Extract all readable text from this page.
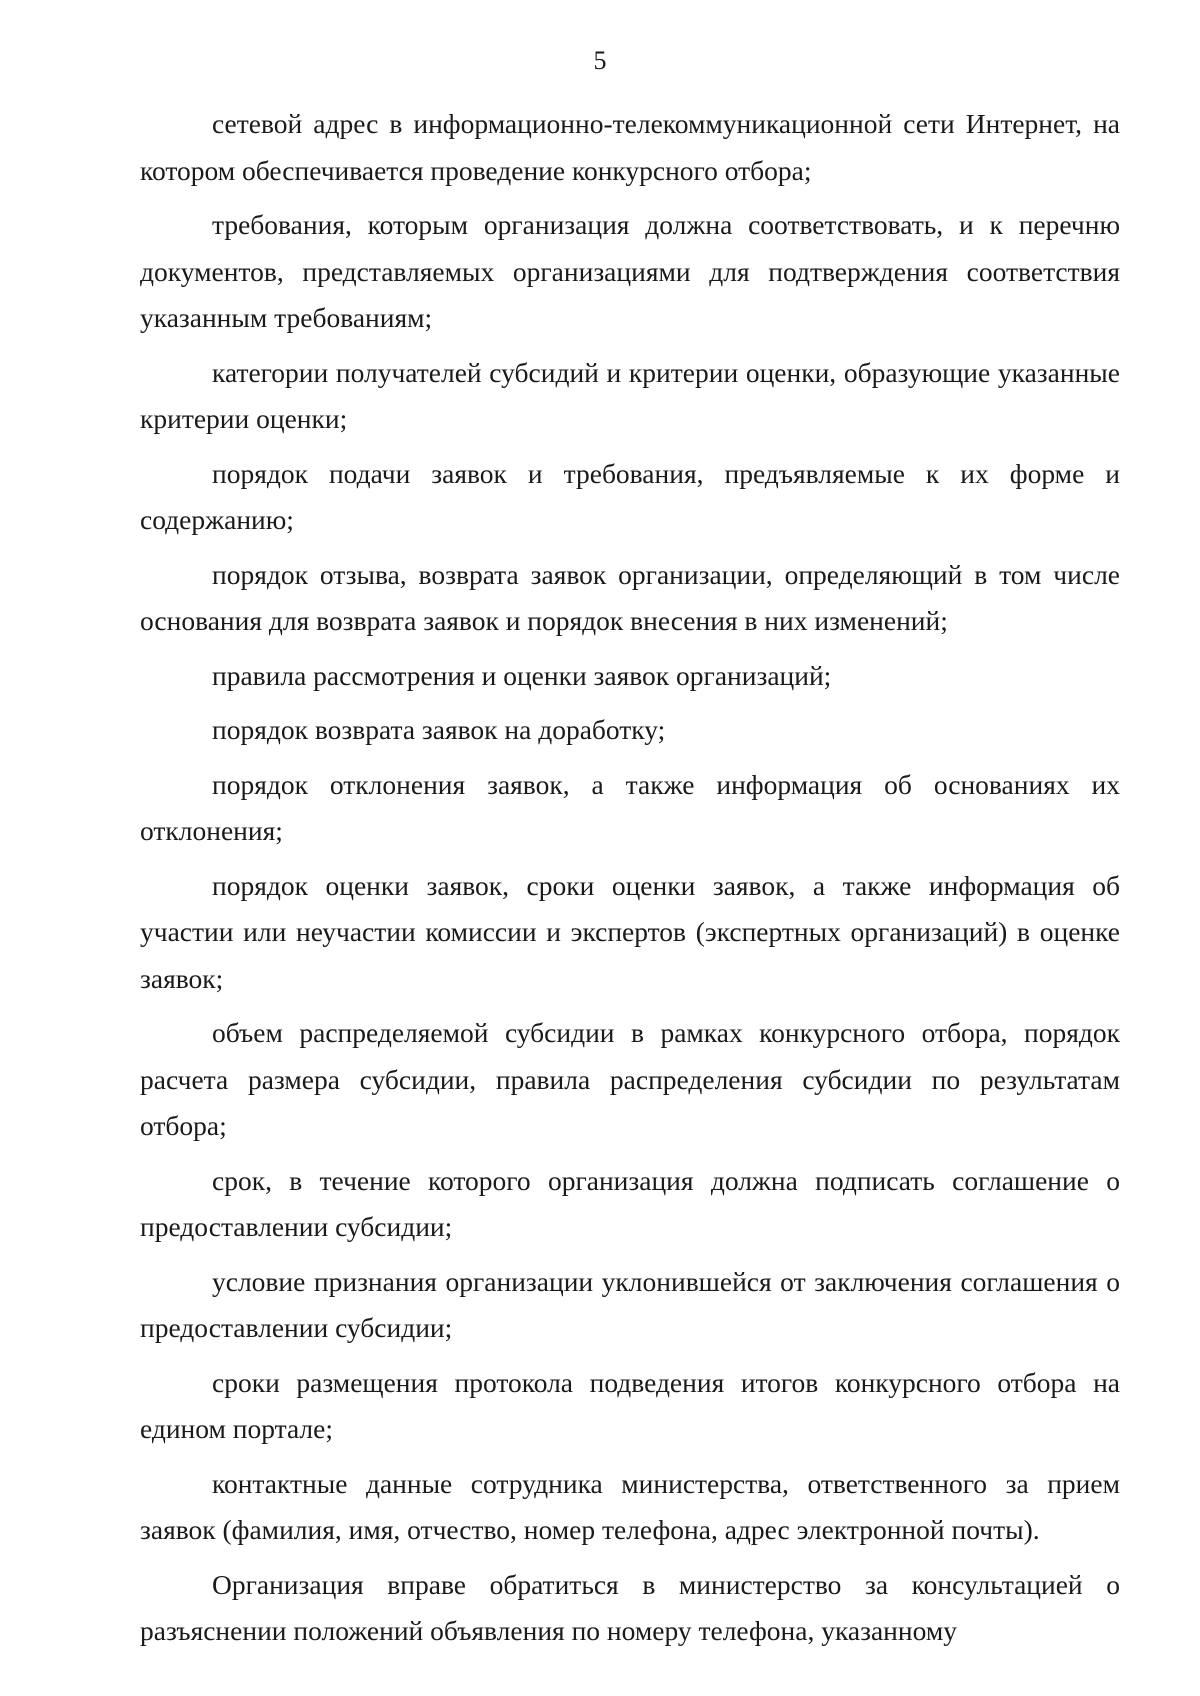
5

сетевой адрес в информационно-телекоммуникационной сети Интернет, на котором обеспечивается проведение конкурсного отбора;

требования, которым организация должна соответствовать, и к перечню документов, представляемых организациями для подтверждения соответствия указанным требованиям;

категории получателей субсидий и критерии оценки, образующие указанные критерии оценки;

порядок подачи заявок и требования, предъявляемые к их форме и содержанию;

порядок отзыва, возврата заявок организации, определяющий в том числе основания для возврата заявок и порядок внесения в них изменений;

правила рассмотрения и оценки заявок организаций;

порядок возврата заявок на доработку;

порядок отклонения заявок, а также информация об основаниях их отклонения;

порядок оценки заявок, сроки оценки заявок, а также информация об участии или неучастии комиссии и экспертов (экспертных организаций) в оценке заявок;

объем распределяемой субсидии в рамках конкурсного отбора, порядок расчета размера субсидии, правила распределения субсидии по результатам отбора;

срок, в течение которого организация должна подписать соглашение о предоставлении субсидии;

условие признания организации уклонившейся от заключения соглашения о предоставлении субсидии;

сроки размещения протокола подведения итогов конкурсного отбора на едином портале;

контактные данные сотрудника министерства, ответственного за прием заявок (фамилия, имя, отчество, номер телефона, адрес электронной почты).

Организация вправе обратиться в министерство за консультацией о разъяснении положений объявления по номеру телефона, указанному
